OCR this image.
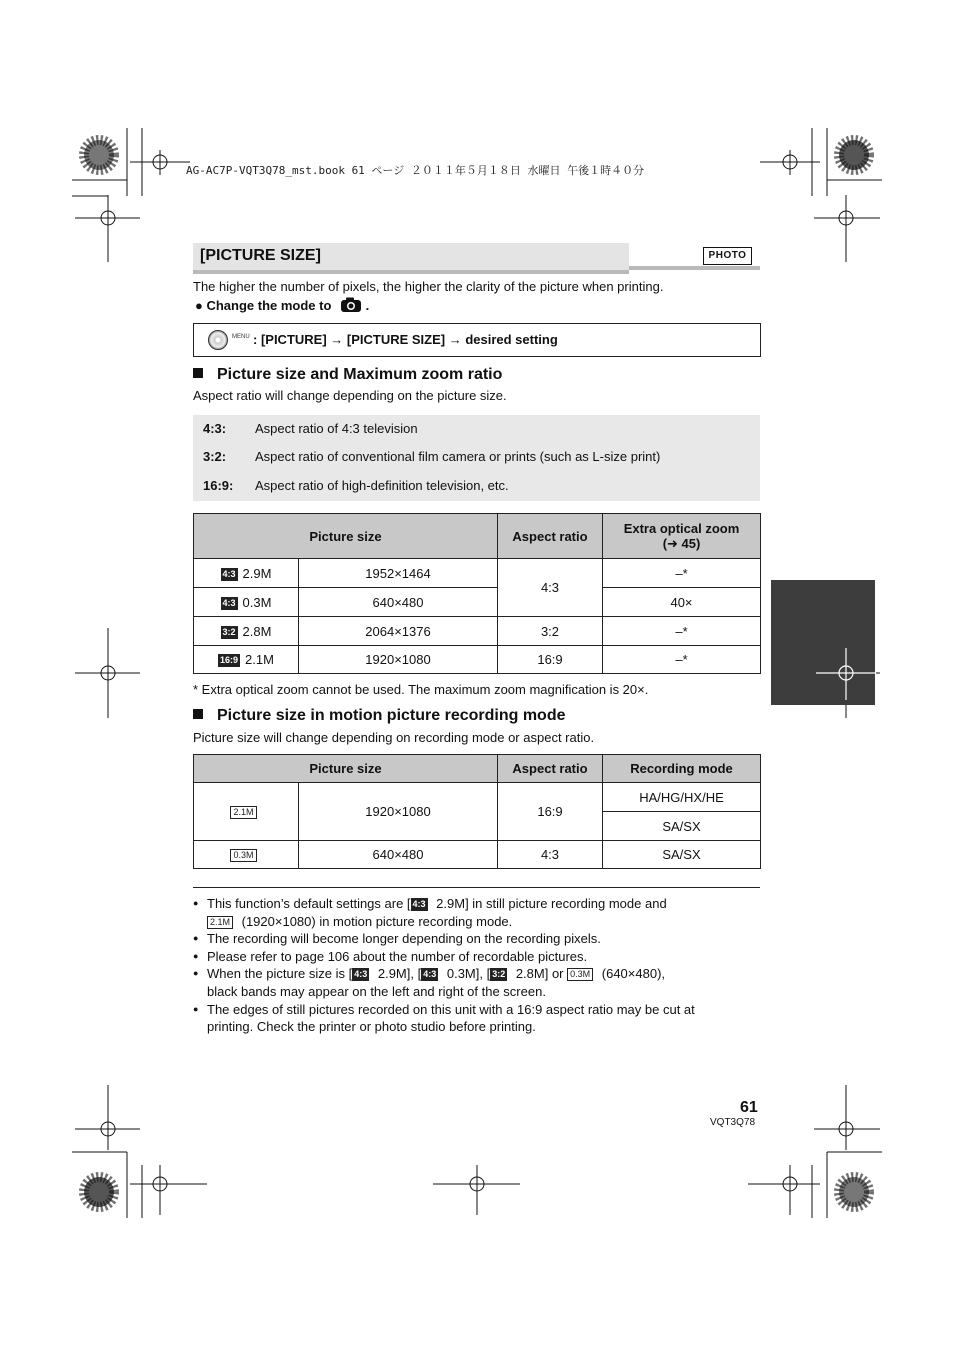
AG-AC7P-VQT3Q78_mst.book 61 ページ ２０１１年５月１８日 水曜日 午後１時４０分
[PICTURE SIZE]	PHOTO
The higher the number of pixels, the higher the clarity of the picture when printing.
● Change the mode to  .
MENU : [PICTURE] → [PICTURE SIZE] → desired setting
Picture size and Maximum zoom ratio
Aspect ratio will change depending on the picture size.
4:3: Aspect ratio of 4:3 television
3:2: Aspect ratio of conventional film camera or prints (such as L-size print)
16:9: Aspect ratio of high-definition television, etc.
Picture size		Aspect ratio	Extra optical zoom
(➜ 45)
4:3 2.9M	1952×1464	4:3	–*
4:3 0.3M	640×480		40×
3:2 2.8M	2064×1376	3:2	–*
16:9 2.1M	1920×1080	16:9	–*
* Extra optical zoom cannot be used. The maximum zoom magnification is 20×.
Picture size in motion picture recording mode
Picture size will change depending on recording mode or aspect ratio.
Picture size		Aspect ratio	Recording mode
2.1M	1920×1080	16:9	HA/HG/HX/HE
			SA/SX
0.3M	640×480	4:3	SA/SX
● This function’s default settings are [ 4:3 2.9M] in still picture recording mode and
2.1M (1920×1080) in motion picture recording mode.
● The recording will become longer depending on the recording pixels.
● Please refer to page 106 about the number of recordable pictures.
● When the picture size is [ 4:3 2.9M], [ 4:3 0.3M], [ 3:2 2.8M] or 0.3M (640×480),
black bands may appear on the left and right of the screen.
● The edges of still pictures recorded on this unit with a 16:9 aspect ratio may be cut at
printing. Check the printer or photo studio before printing.
61
VQT3Q78
